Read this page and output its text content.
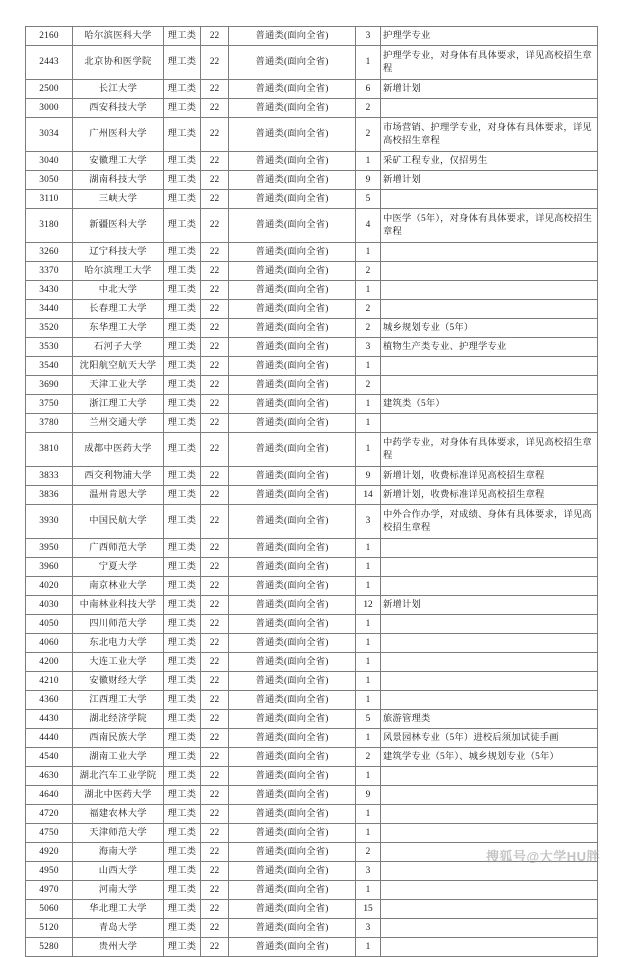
2160	哈尔滨医科大学	理工类	22	普通类(面向全省)	3	护理学专业
2443	北京协和医学院	理工类	22	普通类(面向全省)	1	护理学专业，对身体有具体要求，详见高校招生章程
2500	长江大学	理工类	22	普通类(面向全省)	6	新增计划
3000	西安科技大学	理工类	22	普通类(面向全省)	2	
3034	广州医科大学	理工类	22	普通类(面向全省)	2	市场营销、护理学专业，对身体有具体要求，详见高校招生章程
3040	安徽理工大学	理工类	22	普通类(面向全省)	1	采矿工程专业，仅招男生
3050	湖南科技大学	理工类	22	普通类(面向全省)	9	新增计划
3110	三峡大学	理工类	22	普通类(面向全省)	5	
3180	新疆医科大学	理工类	22	普通类(面向全省)	4	中医学（5年），对身体有具体要求，详见高校招生章程
3260	辽宁科技大学	理工类	22	普通类(面向全省)	1	
3370	哈尔滨理工大学	理工类	22	普通类(面向全省)	2	
3430	中北大学	理工类	22	普通类(面向全省)	1	
3440	长春理工大学	理工类	22	普通类(面向全省)	2	
3520	东华理工大学	理工类	22	普通类(面向全省)	2	城乡规划专业（5年）
3530	石河子大学	理工类	22	普通类(面向全省)	3	植物生产类专业、护理学专业
3540	沈阳航空航天大学	理工类	22	普通类(面向全省)	1	
3690	天津工业大学	理工类	22	普通类(面向全省)	2	
3750	浙江理工大学	理工类	22	普通类(面向全省)	1	建筑类（5年）
3780	兰州交通大学	理工类	22	普通类(面向全省)	1	
3810	成都中医药大学	理工类	22	普通类(面向全省)	1	中药学专业，对身体有具体要求，详见高校招生章程
3833	西交利物浦大学	理工类	22	普通类(面向全省)	9	新增计划，收费标准详见高校招生章程
3836	温州肯恩大学	理工类	22	普通类(面向全省)	14	新增计划，收费标准详见高校招生章程
3930	中国民航大学	理工类	22	普通类(面向全省)	3	中外合作办学，对成绩、身体有具体要求，详见高校招生章程
3950	广西师范大学	理工类	22	普通类(面向全省)	1	
3960	宁夏大学	理工类	22	普通类(面向全省)	1	
4020	南京林业大学	理工类	22	普通类(面向全省)	1	
4030	中南林业科技大学	理工类	22	普通类(面向全省)	12	新增计划
4050	四川师范大学	理工类	22	普通类(面向全省)	1	
4060	东北电力大学	理工类	22	普通类(面向全省)	1	
4200	大连工业大学	理工类	22	普通类(面向全省)	1	
4210	安徽财经大学	理工类	22	普通类(面向全省)	1	
4360	江西理工大学	理工类	22	普通类(面向全省)	1	
4430	湖北经济学院	理工类	22	普通类(面向全省)	5	旅游管理类
4440	西南民族大学	理工类	22	普通类(面向全省)	1	风景园林专业（5年）进校后须加试徒手画
4540	湖南工业大学	理工类	22	普通类(面向全省)	2	建筑学专业（5年）、城乡规划专业（5年）
4630	湖北汽车工业学院	理工类	22	普通类(面向全省)	1	
4640	湖北中医药大学	理工类	22	普通类(面向全省)	9	
4720	福建农林大学	理工类	22	普通类(面向全省)	1	
4750	天津师范大学	理工类	22	普通类(面向全省)	1	
4920	海南大学	理工类	22	普通类(面向全省)	2	
4950	山西大学	理工类	22	普通类(面向全省)	3	
4970	河南大学	理工类	22	普通类(面向全省)	1	
5060	华北理工大学	理工类	22	普通类(面向全省)	15	
5120	青岛大学	理工类	22	普通类(面向全省)	3	
5280	贵州大学	理工类	22	普通类(面向全省)	1	
搜狐号@大学HU胖
